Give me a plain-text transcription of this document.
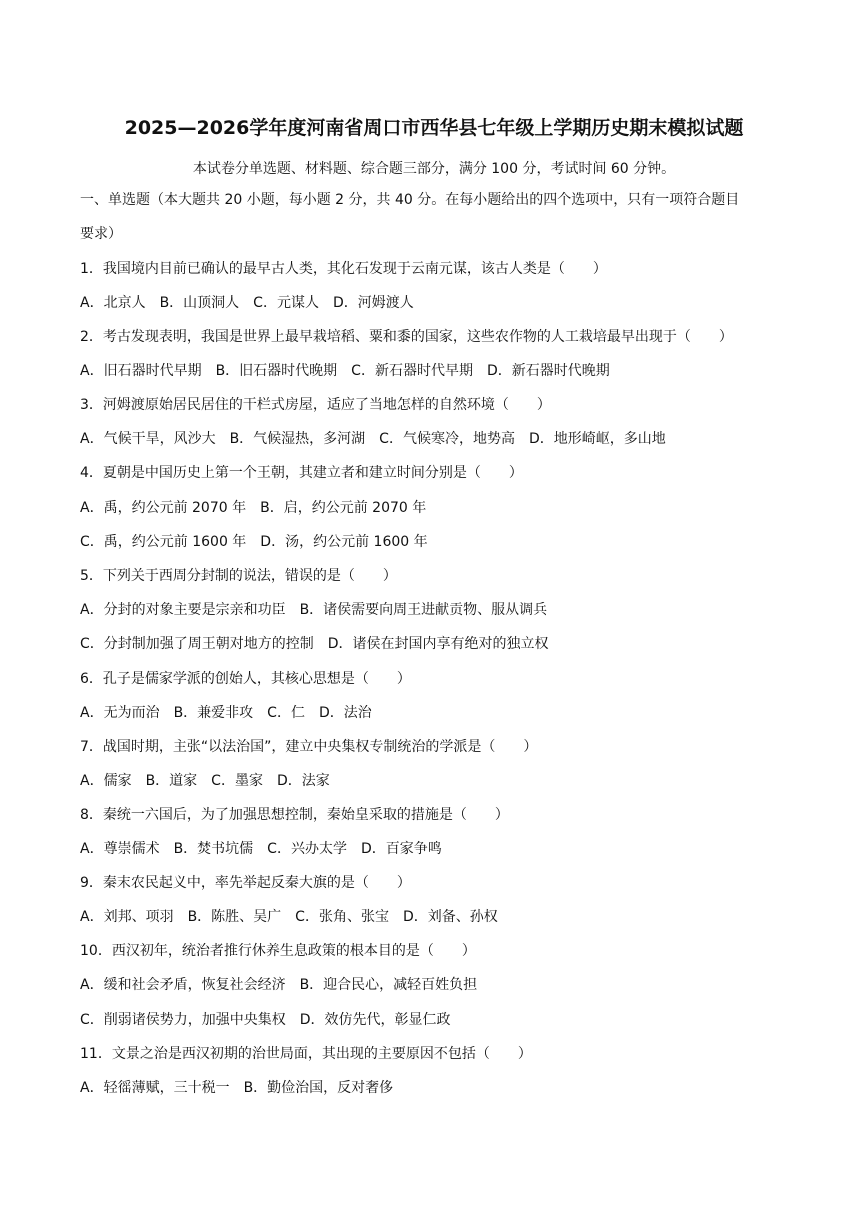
2025—2026学年度河南省周口市西华县七年级上学期历史期末模拟试题
本试卷分单选题、材料题、综合题三部分，满分 100 分，考试时间 60 分钟。
一、单选题（本大题共 20 小题，每小题 2 分，共 40 分。在每小题给出的四个选项中，只有一项符合题目
要求）
1．我国境内目前已确认的最早古人类，其化石发现于云南元谋，该古人类是（　　）
A．北京人　B．山顶洞人　C．元谋人　D．河姆渡人
2．考古发现表明，我国是世界上最早栽培稻、粟和黍的国家，这些农作物的人工栽培最早出现于（　　）
A．旧石器时代早期　B．旧石器时代晚期　C．新石器时代早期　D．新石器时代晚期
3．河姆渡原始居民居住的干栏式房屋，适应了当地怎样的自然环境（　　）
A．气候干旱，风沙大　B．气候湿热，多河湖　C．气候寒冷，地势高　D．地形崎岖，多山地
4．夏朝是中国历史上第一个王朝，其建立者和建立时间分别是（　　）
A．禹，约公元前 2070 年　B．启，约公元前 2070 年
C．禹，约公元前 1600 年　D．汤，约公元前 1600 年
5．下列关于西周分封制的说法，错误的是（　　）
A．分封的对象主要是宗亲和功臣　B．诸侯需要向周王进献贡物、服从调兵
C．分封制加强了周王朝对地方的控制　D．诸侯在封国内享有绝对的独立权
6．孔子是儒家学派的创始人，其核心思想是（　　）
A．无为而治　B．兼爱非攻　C．仁　D．法治
7．战国时期，主张“以法治国”，建立中央集权专制统治的学派是（　　）
A．儒家　B．道家　C．墨家　D．法家
8．秦统一六国后，为了加强思想控制，秦始皇采取的措施是（　　）
A．尊崇儒术　B．焚书坑儒　C．兴办太学　D．百家争鸣
9．秦末农民起义中，率先举起反秦大旗的是（　　）
A．刘邦、项羽　B．陈胜、吴广　C．张角、张宝　D．刘备、孙权
10．西汉初年，统治者推行休养生息政策的根本目的是（　　）
A．缓和社会矛盾，恢复社会经济　B．迎合民心，减轻百姓负担
C．削弱诸侯势力，加强中央集权　D．效仿先代，彰显仁政
11．文景之治是西汉初期的治世局面，其出现的主要原因不包括（　　）
A．轻徭薄赋，三十税一　B．勤俭治国，反对奢侈
